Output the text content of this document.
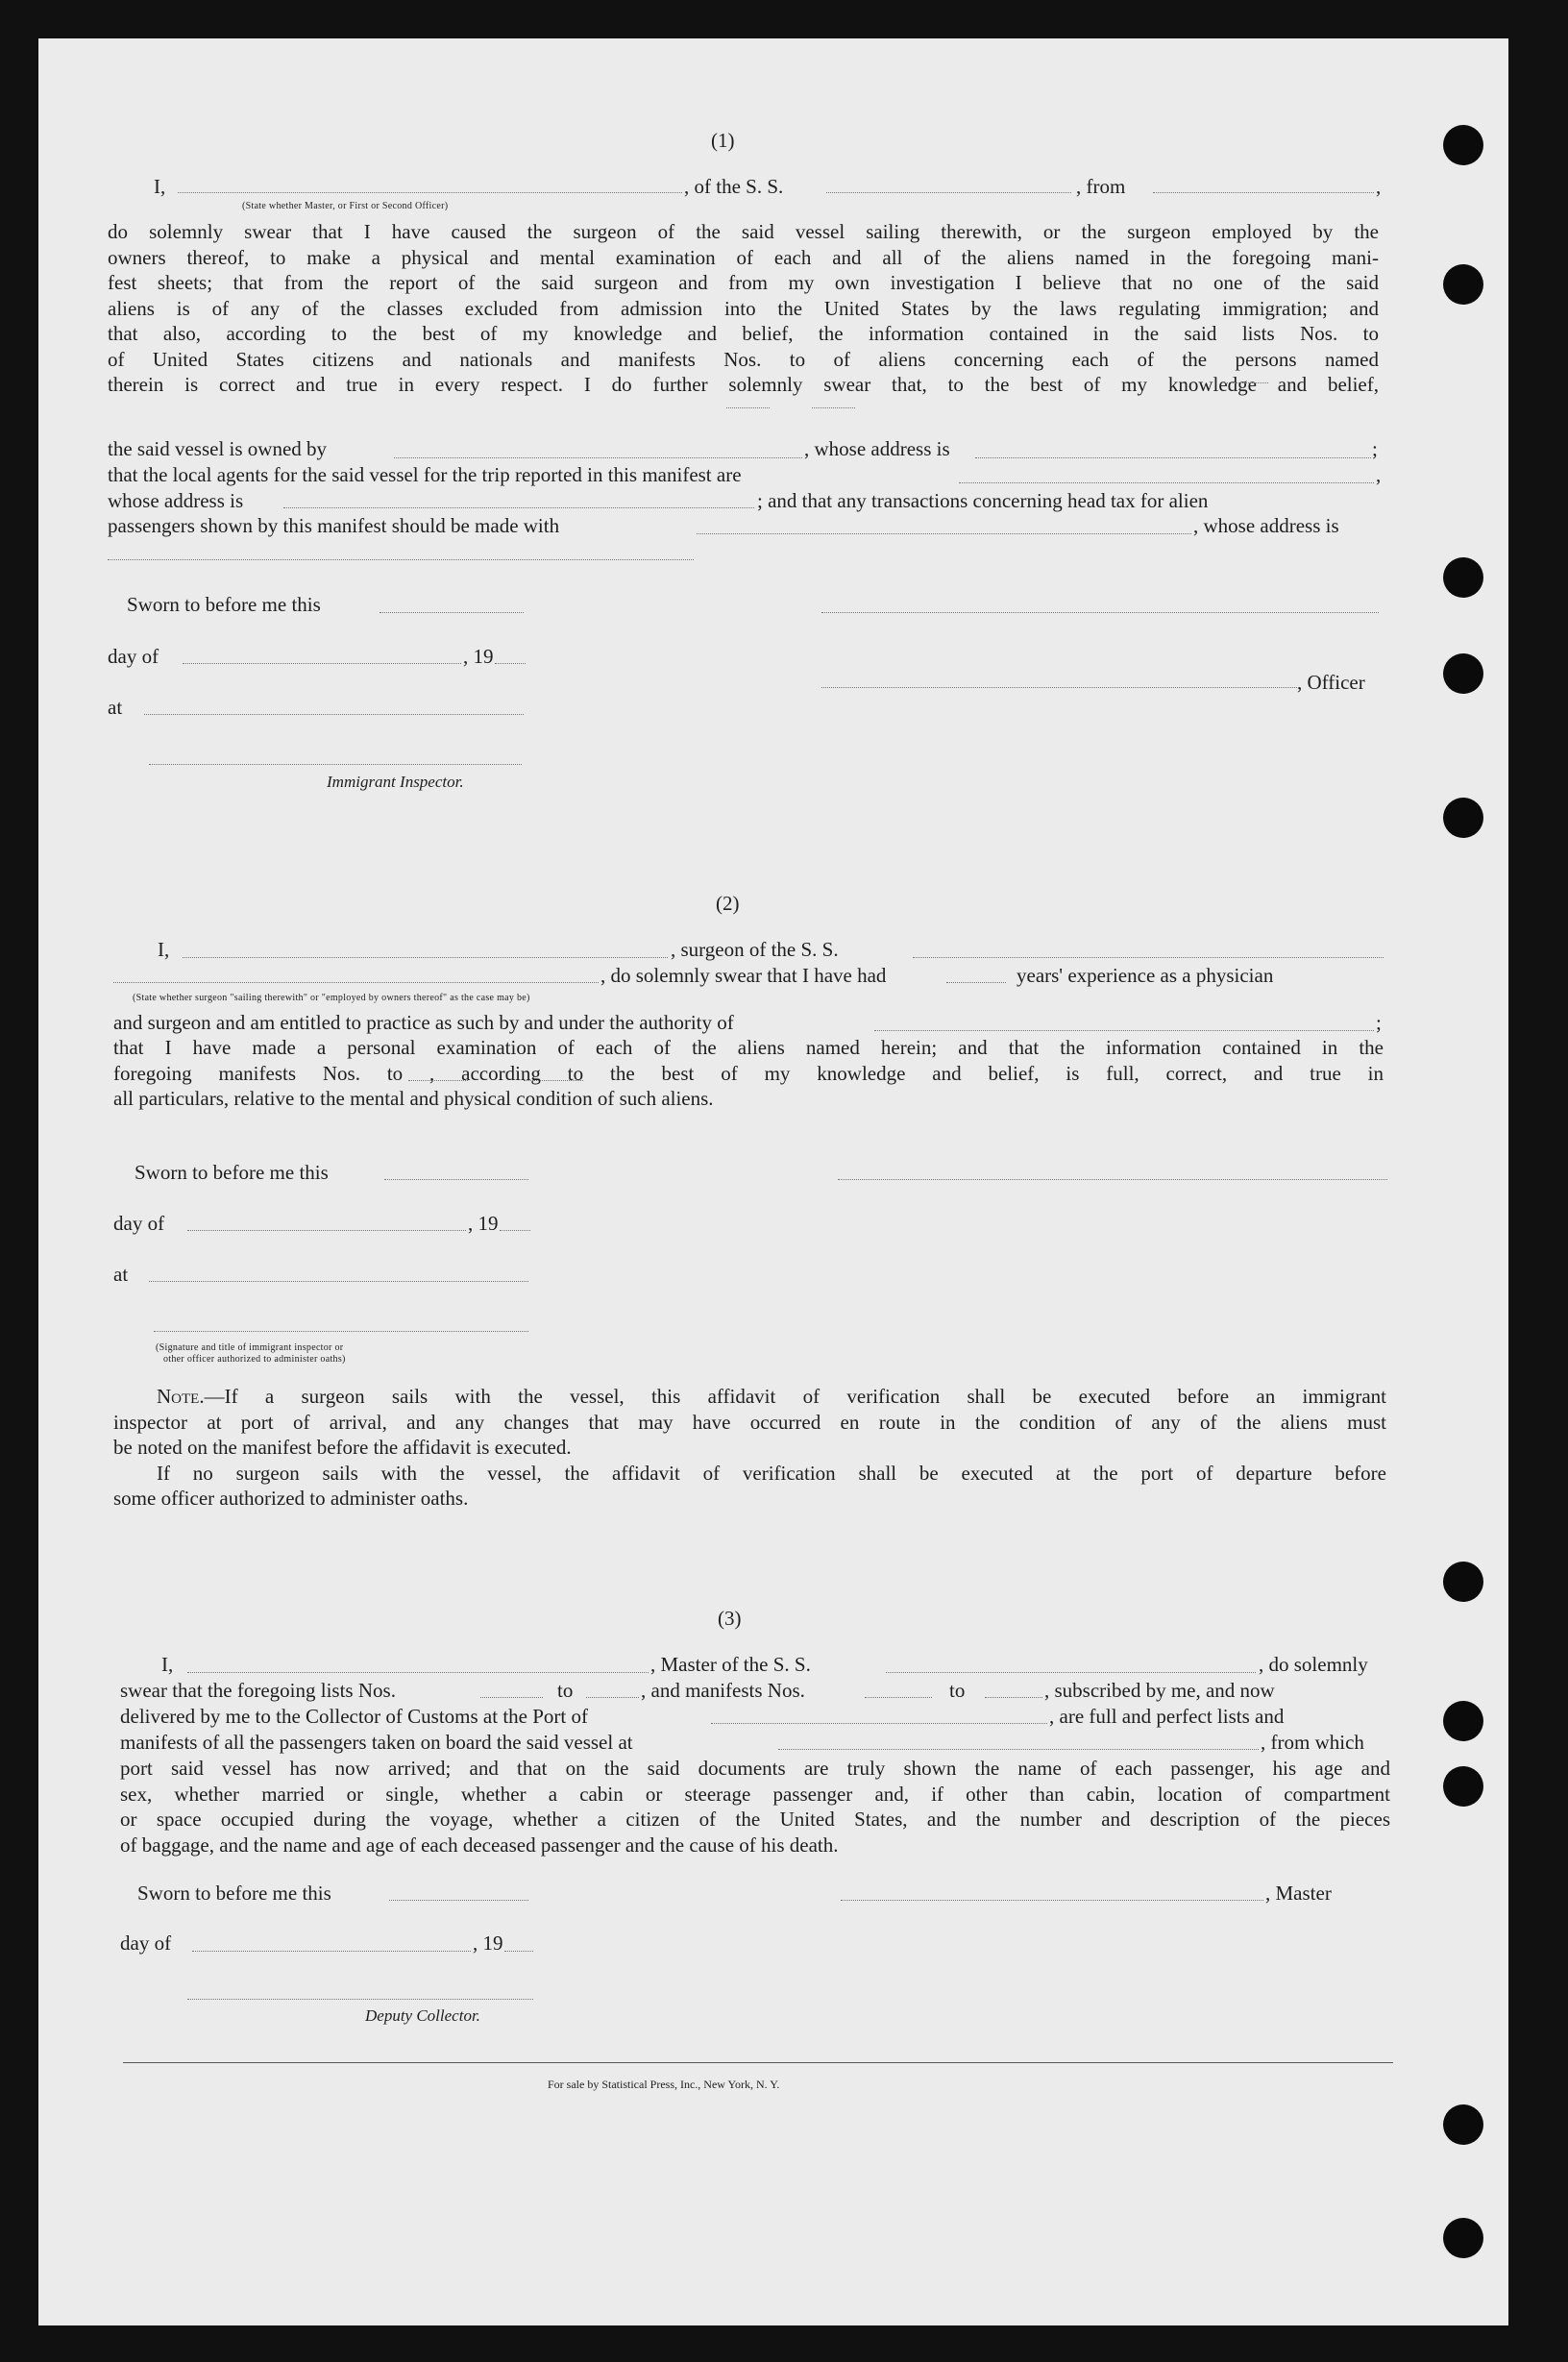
(1)
I,	, of the S. S.	, from	,
(State whether Master, or First or Second Officer)
do solemnly swear that I have caused the surgeon of the said vessel sailing therewith, or the surgeon employed by the
owners thereof, to make a physical and mental examination of each and all of the aliens named in the foregoing mani-
fest sheets; that from the report of the said surgeon and from my own investigation I believe that no one of the said
aliens is of any of the classes excluded from admission into the United States by the laws regulating immigration; and
that also, according to the best of my knowledge and belief, the information contained in the said lists Nos. to
of United States citizens and nationals and manifests Nos. to of aliens concerning each of the persons named
therein is correct and true in every respect. I do further solemnly swear that, to the best of my knowledge and belief,
the said vessel is owned by	, whose address is	;
that the local agents for the said vessel for the trip reported in this manifest are	,
whose address is	; and that any transactions concerning head tax for alien
passengers shown by this manifest should be made with	, whose address is
Sworn to before me this
day of	, 19
at
, Officer
Immigrant Inspector.
(2)
I,	, surgeon of the S. S.
, do solemnly swear that I have had	years' experience as a physician
(State whether surgeon "sailing therewith" or "employed by owners thereof" as the case may be)
and surgeon and am entitled to practice as such by and under the authority of	;
that I have made a personal examination of each of the aliens named herein; and that the information contained in the
foregoing manifests Nos. to , according to the best of my knowledge and belief, is full, correct, and true in
all particulars, relative to the mental and physical condition of such aliens.
Sworn to before me this
day of	, 19
at
(Signature and title of immigrant inspector or
other officer authorized to administer oaths)
Note.—If a surgeon sails with the vessel, this affidavit of verification shall be executed before an immigrant
inspector at port of arrival, and any changes that may have occurred en route in the condition of any of the aliens must
be noted on the manifest before the affidavit is executed.
If no surgeon sails with the vessel, the affidavit of verification shall be executed at the port of departure before
some officer authorized to administer oaths.
(3)
I,	, Master of the S. S.	, do solemnly
swear that the foregoing lists Nos.	to	, and manifests Nos.	to	, subscribed by me, and now
delivered by me to the Collector of Customs at the Port of	, are full and perfect lists and
manifests of all the passengers taken on board the said vessel at	, from which
port said vessel has now arrived; and that on the said documents are truly shown the name of each passenger, his age and
sex, whether married or single, whether a cabin or steerage passenger and, if other than cabin, location of compartment
or space occupied during the voyage, whether a citizen of the United States, and the number and description of the pieces
of baggage, and the name and age of each deceased passenger and the cause of his death.
Sworn to before me this	, Master
day of	, 19
Deputy Collector.
For sale by Statistical Press, Inc., New York, N. Y.
